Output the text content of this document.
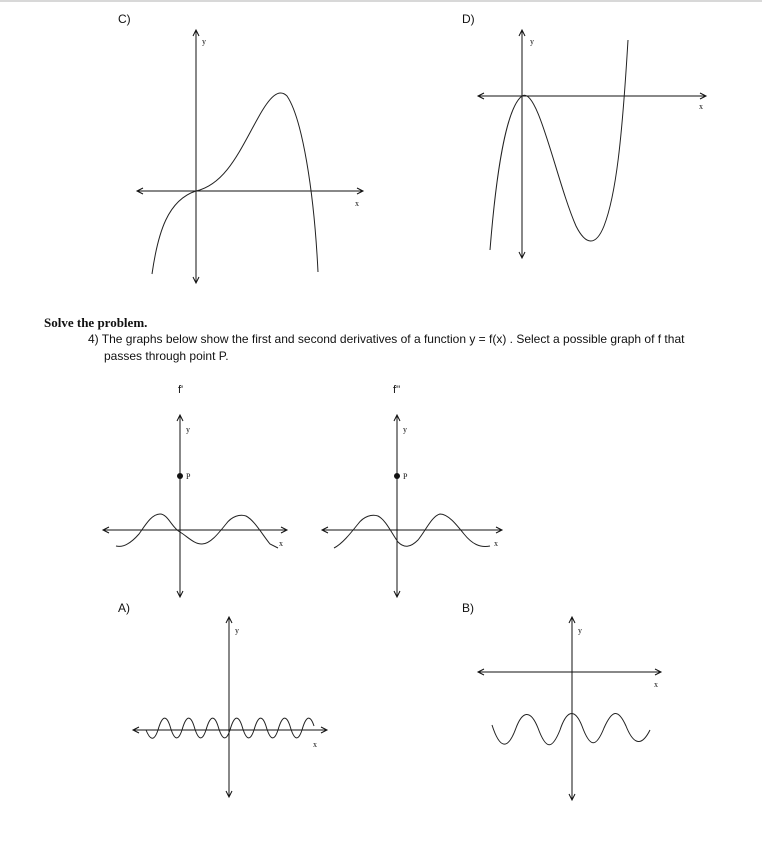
C)
y
x
D)
y
x
Solve the problem.
4) The graphs below show the first and second derivatives of a function y = f(x) . Select a possible graph of f that
passes through point P.
f'
y
x
P
f''
y
x
P
A)
y
x
B)
y
x
